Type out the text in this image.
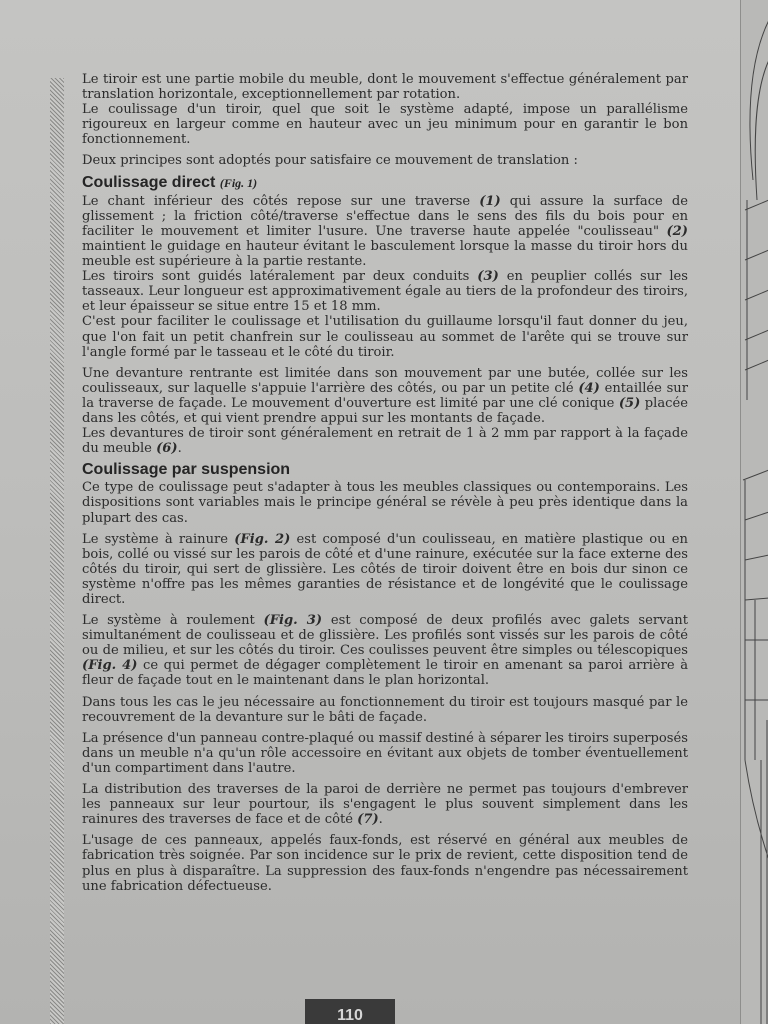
Le tiroir est une partie mobile du meuble, dont le mouvement s'effectue généralement par translation horizontale, exceptionnellement par rotation.

Le coulissage d'un tiroir, quel que soit le système adapté, impose un parallélisme rigoureux en largeur comme en hauteur avec un jeu minimum pour en garantir le bon fonctionnement.

Deux principes sont adoptés pour satisfaire ce mouvement de translation :

Coulissage direct (Fig. 1)

Le chant inférieur des côtés repose sur une traverse (1) qui assure la surface de glissement ; la friction côté/traverse s'effectue dans le sens des fils du bois pour en faciliter le mouvement et limiter l'usure. Une traverse haute appelée "coulisseau" (2) maintient le guidage en hauteur évitant le basculement lorsque la masse du tiroir hors du meuble est supérieure à la partie restante.

Les tiroirs sont guidés latéralement par deux conduits (3) en peuplier collés sur les tasseaux. Leur longueur est approximativement égale au tiers de la profondeur des tiroirs, et leur épaisseur se situe entre 15 et 18 mm.

C'est pour faciliter le coulissage et l'utilisation du guillaume lorsqu'il faut donner du jeu, que l'on fait un petit chanfrein sur le coulisseau au sommet de l'arête qui se trouve sur l'angle formé par le tasseau et le côté du tiroir.

Une devanture rentrante est limitée dans son mouvement par une butée, collée sur les coulisseaux, sur laquelle s'appuie l'arrière des côtés, ou par un petite clé (4) entaillée sur la traverse de façade. Le mouvement d'ouverture est limité par une clé conique (5) placée dans les côtés, et qui vient prendre appui sur les montants de façade.

Les devantures de tiroir sont généralement en retrait de 1 à 2 mm par rapport à la façade du meuble (6).

Coulissage par suspension

Ce type de coulissage peut s'adapter à tous les meubles classiques ou contemporains. Les dispositions sont variables mais le principe général se révèle à peu près identique dans la plupart des cas.

Le système à rainure (Fig. 2) est composé d'un coulisseau, en matière plastique ou en bois, collé ou vissé sur les parois de côté et d'une rainure, exécutée sur la face externe des côtés du tiroir, qui sert de glissière. Les côtés de tiroir doivent être en bois dur sinon ce système n'offre pas les mêmes garanties de résistance et de longévité que le coulissage direct.

Le système à roulement (Fig. 3) est composé de deux profilés avec galets servant simultanément de coulisseau et de glissière. Les profilés sont vissés sur les parois de côté ou de milieu, et sur les côtés du tiroir. Ces coulisses peuvent être simples ou télescopiques (Fig. 4) ce qui permet de dégager complètement le tiroir en amenant sa paroi arrière à fleur de façade tout en le maintenant dans le plan horizontal.

Dans tous les cas le jeu nécessaire au fonctionnement du tiroir est toujours masqué par le recouvrement de la devanture sur le bâti de façade.

La présence d'un panneau contre-plaqué ou massif destiné à séparer les tiroirs superposés dans un meuble n'a qu'un rôle accessoire en évitant aux objets de tomber éventuellement d'un compartiment dans l'autre.

La distribution des traverses de la paroi de derrière ne permet pas toujours d'embrever les panneaux sur leur pourtour, ils s'engagent le plus souvent simplement dans les rainures des traverses de face et de côté (7).

L'usage de ces panneaux, appelés faux-fonds, est réservé en général aux meubles de fabrication très soignée. Par son incidence sur le prix de revient, cette disposition tend de plus en plus à disparaître. La suppression des faux-fonds n'engendre pas nécessairement une fabrication défectueuse.

110
